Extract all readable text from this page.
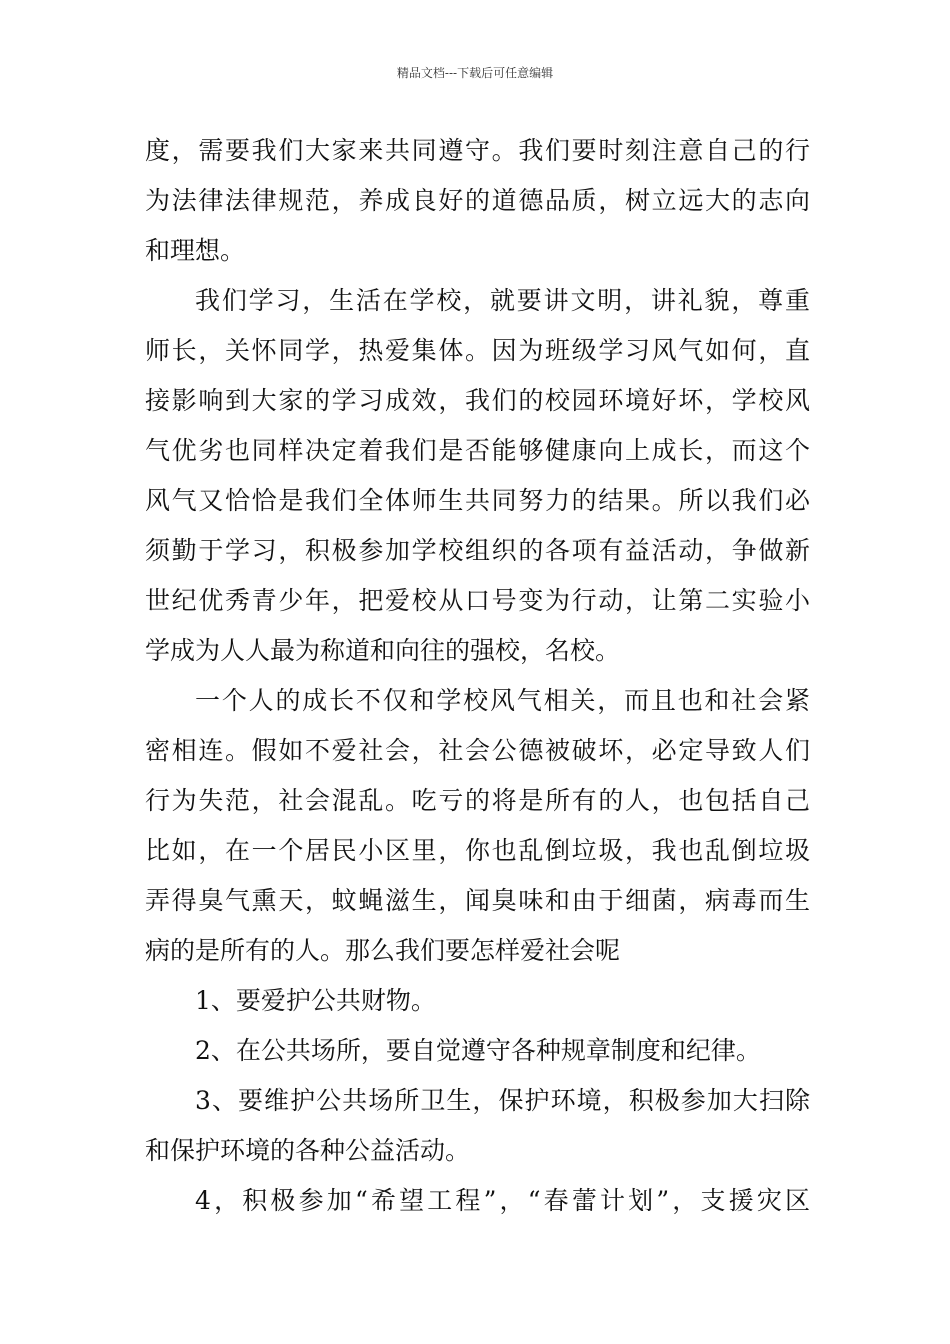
精品文档---下载后可任意编辑
度，需要我们大家来共同遵守。我们要时刻注意自己的行
为法律法律规范，养成良好的道德品质，树立远大的志向
和理想。
我们学习，生活在学校，就要讲文明，讲礼貌，尊重
师长，关怀同学，热爱集体。因为班级学习风气如何，直
接影响到大家的学习成效，我们的校园环境好坏，学校风
气优劣也同样决定着我们是否能够健康向上成长，而这个
风气又恰恰是我们全体师生共同努力的结果。所以我们必
须勤于学习，积极参加学校组织的各项有益活动，争做新
世纪优秀青少年，把爱校从口号变为行动，让第二实验小
学成为人人最为称道和向往的强校，名校。
一个人的成长不仅和学校风气相关，而且也和社会紧
密相连。假如不爱社会，社会公德被破坏，必定导致人们
行为失范，社会混乱。吃亏的将是所有的人，也包括自己
比如，在一个居民小区里，你也乱倒垃圾，我也乱倒垃圾
弄得臭气熏天，蚊蝇滋生，闻臭味和由于细菌，病毒而生
病的是所有的人。那么我们要怎样爱社会呢
1、要爱护公共财物。
2、在公共场所，要自觉遵守各种规章制度和纪律。
3、要维护公共场所卫生，保护环境，积极参加大扫除
和保护环境的各种公益活动。
4，积极参加“希望工程”，“春蕾计划”，支援灾区
